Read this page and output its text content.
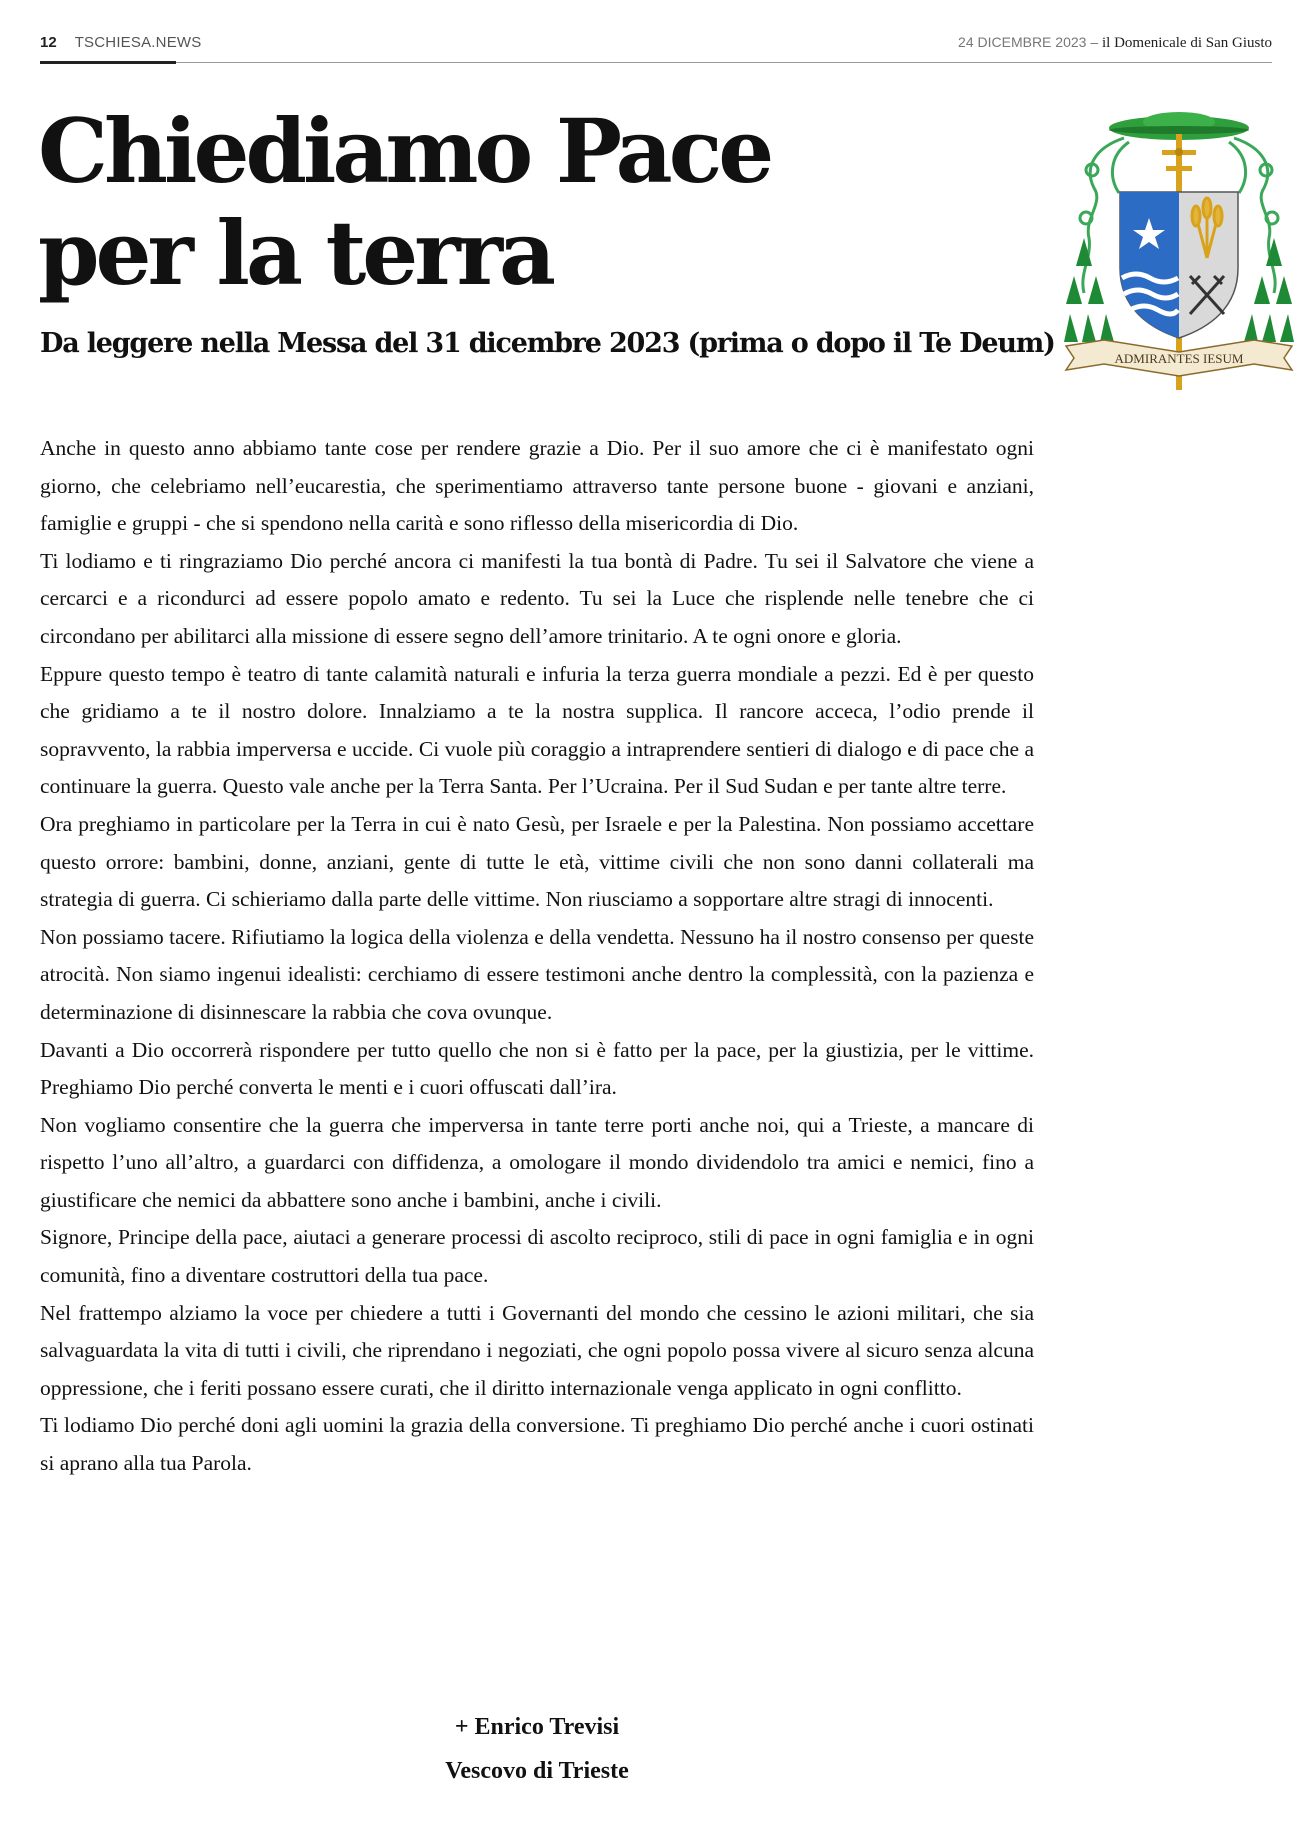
12 TSCHIESA.NEWS	24 DICEMBRE 2023 – il Domenicale di San Giusto
Chiediamo Pace
per la terra
Da leggere nella Messa del 31 dicembre 2023 (prima o dopo il Te Deum)	ADMIRANTES IESUM

Anche in questo anno abbiamo tante cose per rendere grazie a Dio. Per il suo amore che ci è manifestato ogni giorno, che celebriamo nell’eucarestia, che sperimentiamo attraverso tante persone buone - giovani e anziani, famiglie e gruppi - che si spendono nella carità e sono riflesso della misericordia di Dio.

Ti lodiamo e ti ringraziamo Dio perché ancora ci manifesti la tua bontà di Padre. Tu sei il Salvatore che viene a cercarci e a ricondurci ad essere popolo amato e redento. Tu sei la Luce che risplende nelle tenebre che ci circondano per abilitarci alla missione di essere segno dell’amore trinitario. A te ogni onore e gloria.

Eppure questo tempo è teatro di tante calamità naturali e infuria la terza guerra mondiale a pezzi. Ed è per questo che gridiamo a te il nostro dolore. Innalziamo a te la nostra supplica. Il rancore acceca, l’odio prende il sopravvento, la rabbia imperversa e uccide. Ci vuole più coraggio a intraprendere sentieri di dialogo e di pace che a continuare la guerra. Questo vale anche per la Terra Santa. Per l’Ucraina. Per il Sud Sudan e per tante altre terre.

Ora preghiamo in particolare per la Terra in cui è nato Gesù, per Israele e per la Palestina. Non possiamo accettare questo orrore: bambini, donne, anziani, gente di tutte le età, vittime civili che non sono danni collaterali ma strategia di guerra. Ci schieriamo dalla parte delle vittime. Non riusciamo a sopportare altre stragi di innocenti.

Non possiamo tacere. Rifiutiamo la logica della violenza e della vendetta. Nessuno ha il nostro consenso per queste atrocità. Non siamo ingenui idealisti: cerchiamo di essere testimoni anche dentro la complessità, con la pazienza e determinazione di disinnescare la rabbia che cova ovunque.

Davanti a Dio occorrerà rispondere per tutto quello che non si è fatto per la pace, per la giustizia, per le vittime. Preghiamo Dio perché converta le menti e i cuori offuscati dall’ira.

Non vogliamo consentire che la guerra che imperversa in tante terre porti anche noi, qui a Trieste, a mancare di rispetto l’uno all’altro, a guardarci con diffidenza, a omologare il mondo dividendolo tra amici e nemici, fino a giustificare che nemici da abbattere sono anche i bambini, anche i civili.

Signore, Principe della pace, aiutaci a generare processi di ascolto reciproco, stili di pace in ogni famiglia e in ogni comunità, fino a diventare costruttori della tua pace.

Nel frattempo alziamo la voce per chiedere a tutti i Governanti del mondo che cessino le azioni militari, che sia salvaguardata la vita di tutti i civili, che riprendano i negoziati, che ogni popolo possa vivere al sicuro senza alcuna oppressione, che i feriti possano essere curati, che il diritto internazionale venga applicato in ogni conflitto.

Ti lodiamo Dio perché doni agli uomini la grazia della conversione. Ti preghiamo Dio perché anche i cuori ostinati si aprano alla tua Parola.

+ Enrico Trevisi
Vescovo di Trieste
